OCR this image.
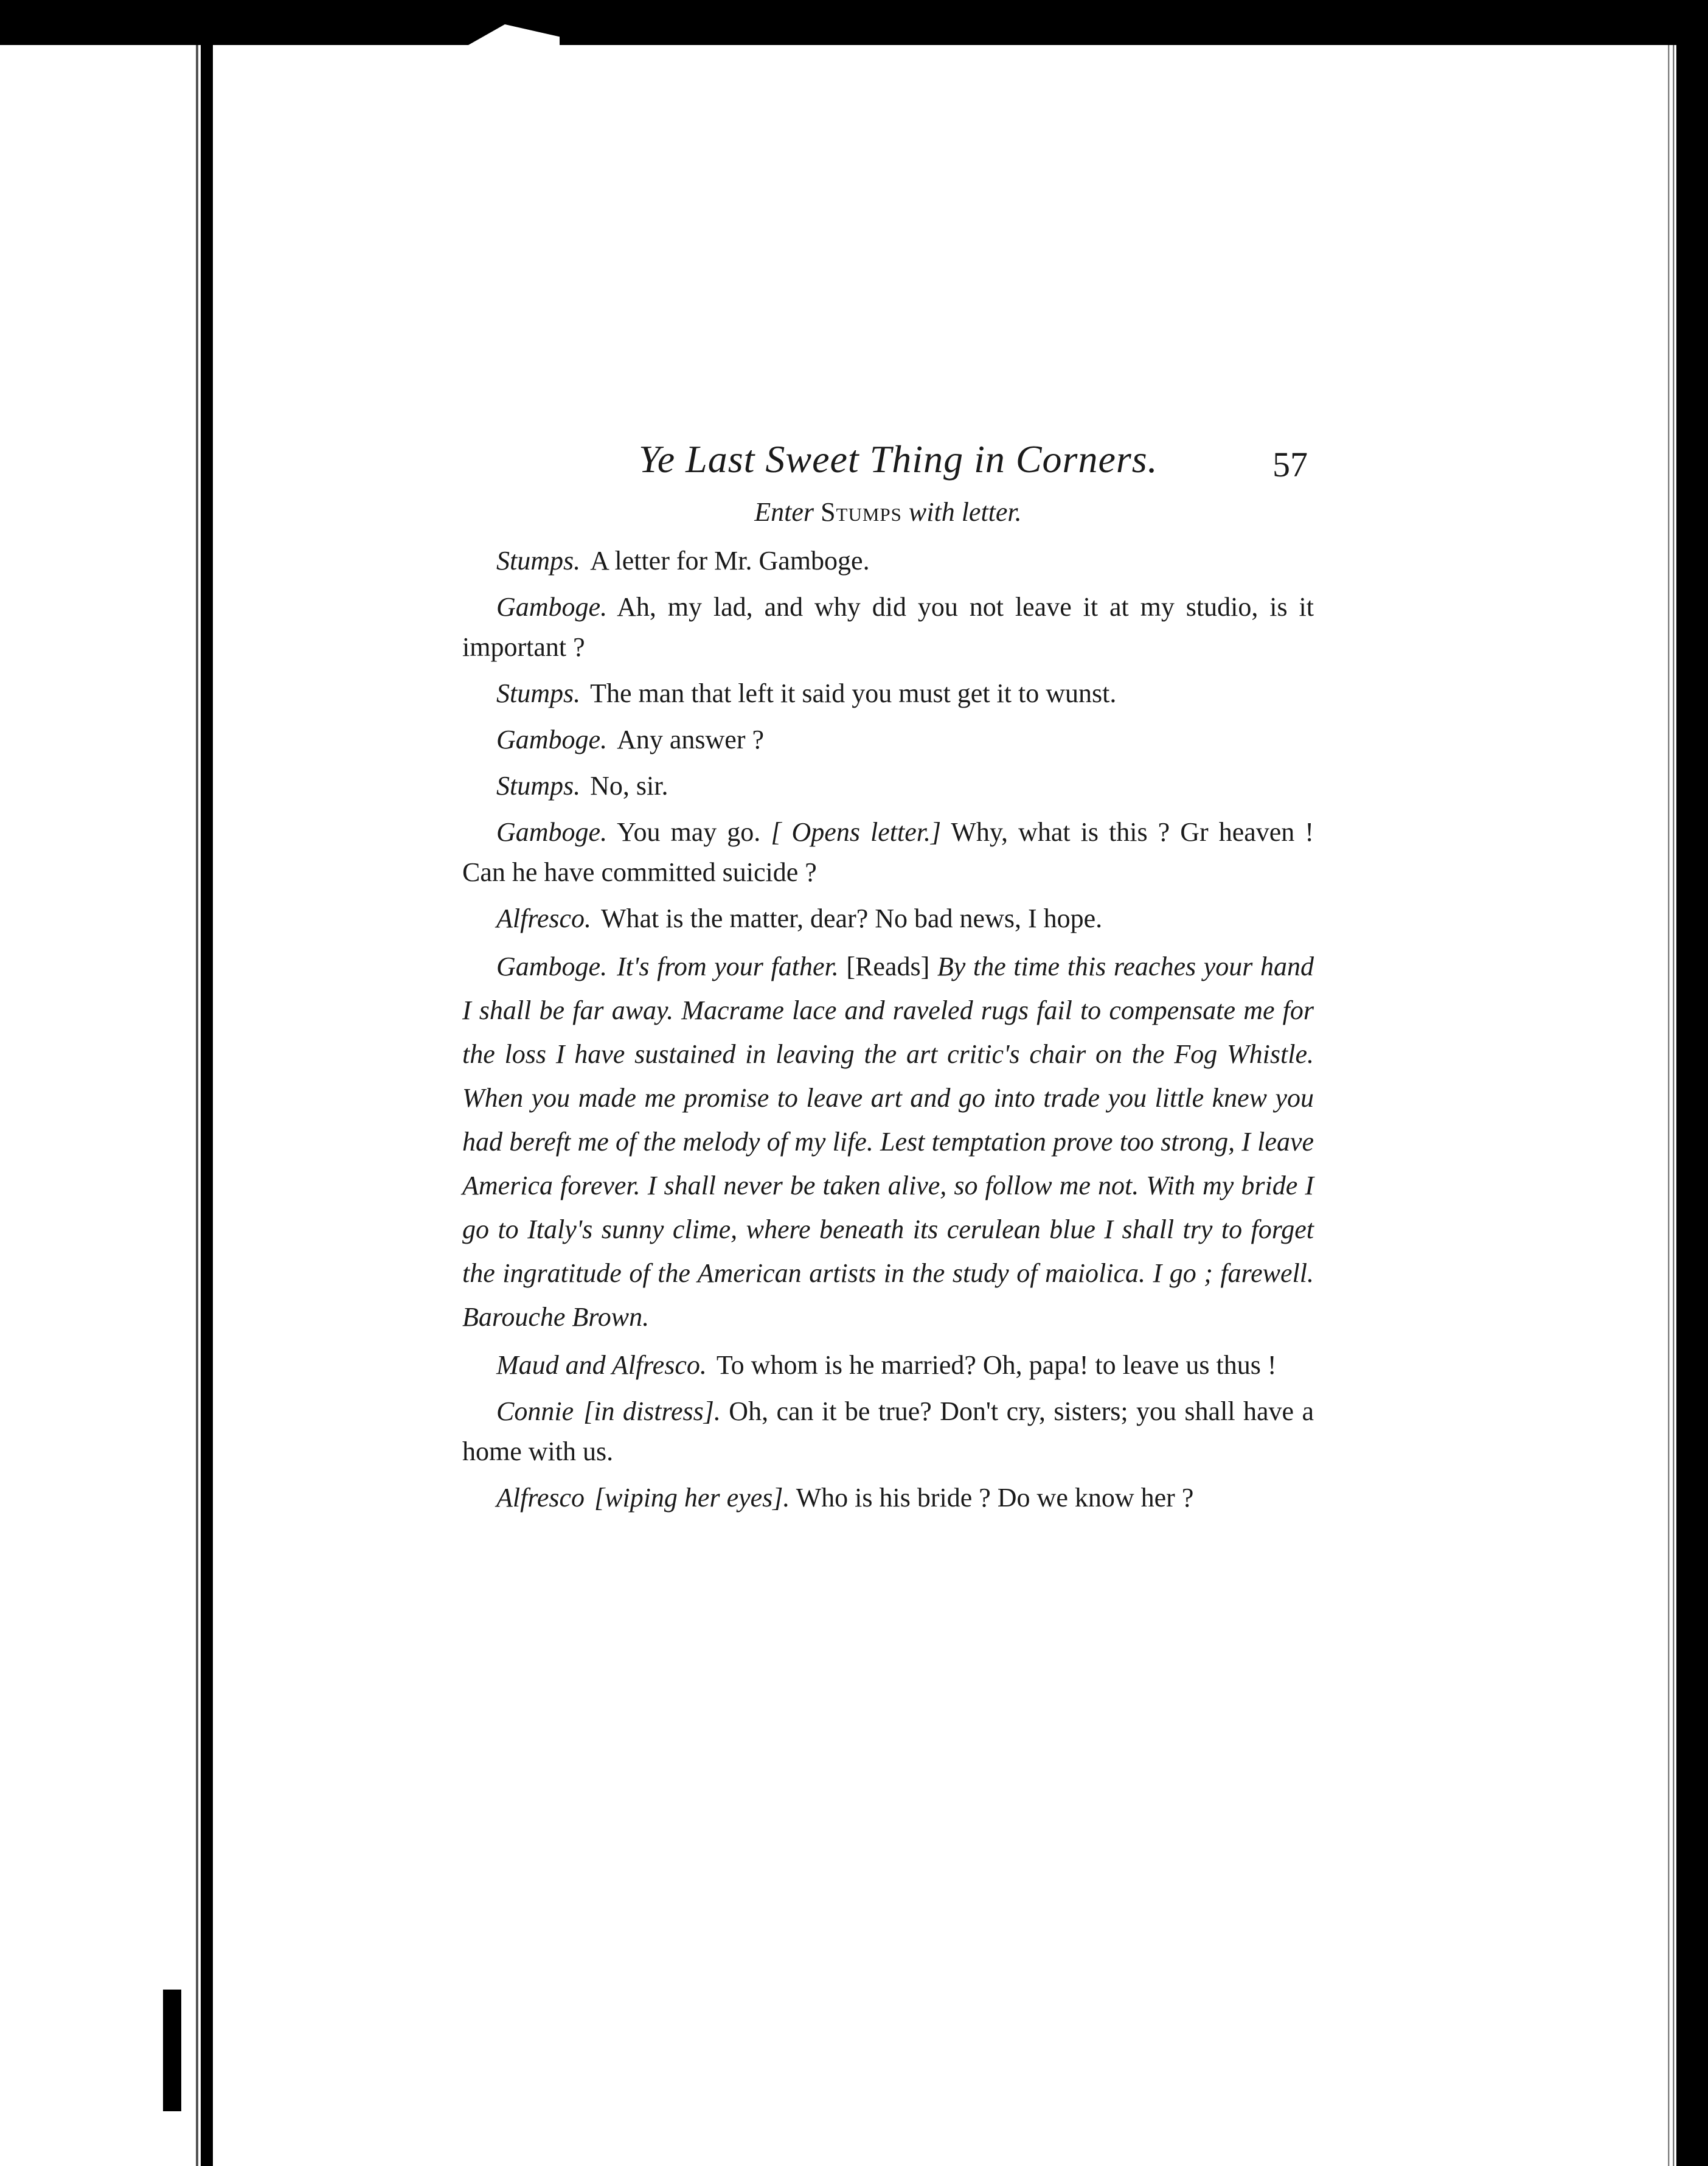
Ye Last Sweet Thing in Corners.	57
Enter Stumps with letter.

Stumps. A letter for Mr. Gamboge.

Gamboge. Ah, my lad, and why did you not leave it at my studio, is it important ?

Stumps. The man that left it said you must get it to wunst.

Gamboge. Any answer ?

Stumps. No, sir.

Gamboge. You may go. [ Opens letter.] Why, what is this ? Gr heaven ! Can he have committed suicide ?

Alfresco. What is the matter, dear? No bad news, I hope.

Gamboge. It's from your father. [Reads] By the time this reaches your hand I shall be far away. Macrame lace and raveled rugs fail to compensate me for the loss I have sustained in leaving the art critic's chair on the Fog Whistle. When you made me promise to leave art and go into trade you little knew you had bereft me of the melody of my life. Lest temptation prove too strong, I leave America forever. I shall never be taken alive, so follow me not. With my bride I go to Italy's sunny clime, where beneath its cerulean blue I shall try to forget the ingratitude of the American artists in the study of maiolica. I go ; farewell. Barouche Brown.

Maud and Alfresco. To whom is he married? Oh, papa! to leave us thus !

Connie [in distress]. Oh, can it be true? Don't cry, sisters; you shall have a home with us.

Alfresco [wiping her eyes]. Who is his bride ? Do we know her ?
